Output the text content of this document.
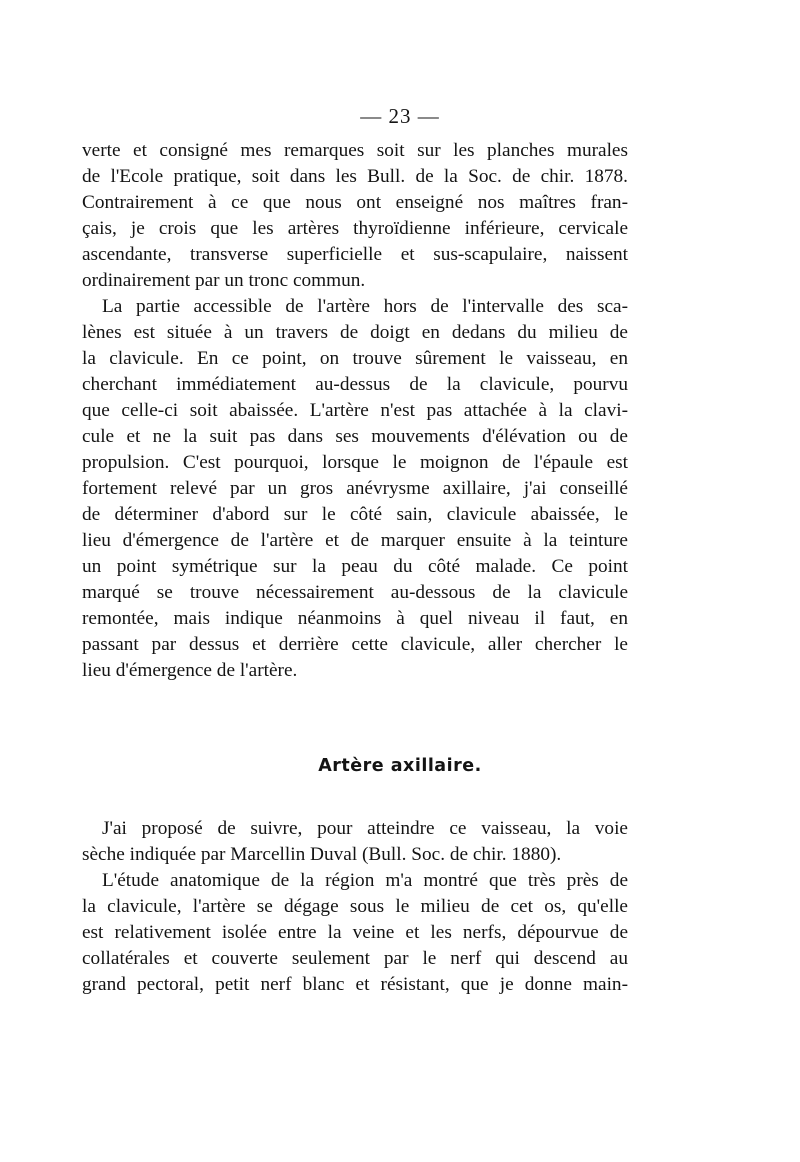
— 23 —
verte et consigné mes remarques soit sur les planches murales
de l'Ecole pratique, soit dans les Bull. de la Soc. de chir. 1878.
Contrairement à ce que nous ont enseigné nos maîtres fran-
çais, je crois que les artères thyroïdienne inférieure, cervicale
ascendante, transverse superficielle et sus-scapulaire, naissent
ordinairement par un tronc commun.
La partie accessible de l'artère hors de l'intervalle des sca-
lènes est située à un travers de doigt en dedans du milieu de
la clavicule. En ce point, on trouve sûrement le vaisseau, en
cherchant immédiatement au-dessus de la clavicule, pourvu
que celle-ci soit abaissée. L'artère n'est pas attachée à la clavi-
cule et ne la suit pas dans ses mouvements d'élévation ou de
propulsion. C'est pourquoi, lorsque le moignon de l'épaule est
fortement relevé par un gros anévrysme axillaire, j'ai conseillé
de déterminer d'abord sur le côté sain, clavicule abaissée, le
lieu d'émergence de l'artère et de marquer ensuite à la teinture
un point symétrique sur la peau du côté malade. Ce point
marqué se trouve nécessairement au-dessous de la clavicule
remontée, mais indique néanmoins à quel niveau il faut, en
passant par dessus et derrière cette clavicule, aller chercher le
lieu d'émergence de l'artère.
Artère axillaire.
J'ai proposé de suivre, pour atteindre ce vaisseau, la voie
sèche indiquée par Marcellin Duval (Bull. Soc. de chir. 1880).
L'étude anatomique de la région m'a montré que très près de
la clavicule, l'artère se dégage sous le milieu de cet os, qu'elle
est relativement isolée entre la veine et les nerfs, dépourvue de
collatérales et couverte seulement par le nerf qui descend au
grand pectoral, petit nerf blanc et résistant, que je donne main-
